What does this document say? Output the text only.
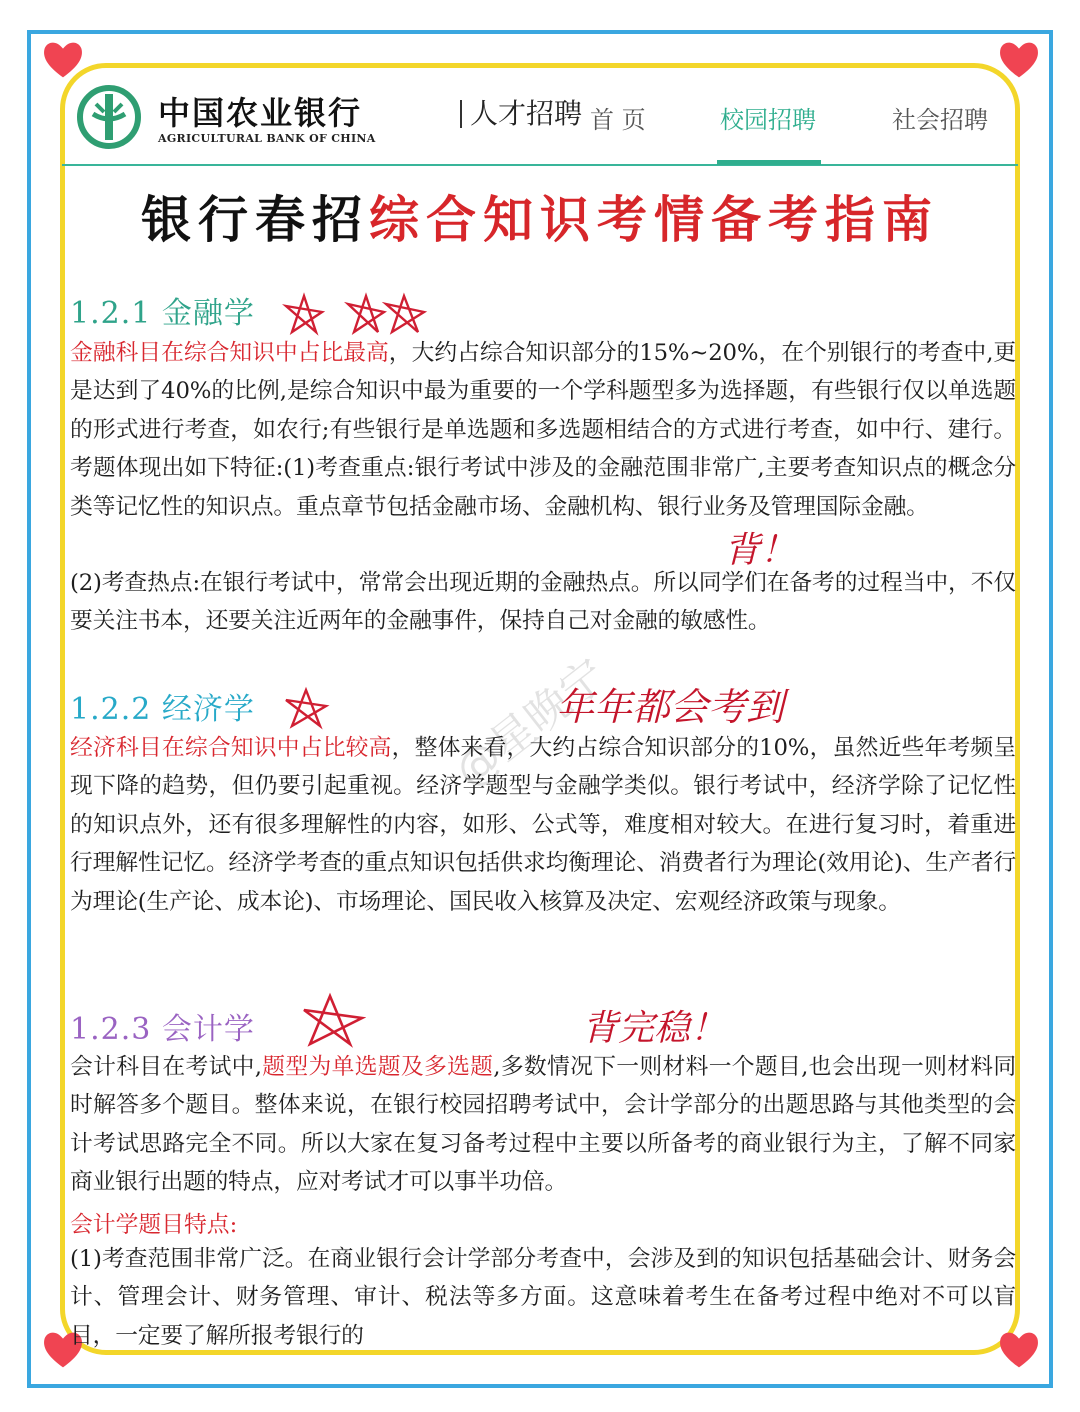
中国农业银行
AGRICULTURAL BANK OF CHINA
人才招聘 首 页	校园招聘	社会招聘
银行春招综合知识考情备考指南
1.2.1 金融学
金融科目在综合知识中占比最高，大约占综合知识部分的15%~20%，在个别银行的考查中,更是达到了40%的比例,是综合知识中最为重要的一个学科题型多为选择题，有些银行仅以单选题的形式进行考查，如农行;有些银行是单选题和多选题相结合的方式进行考查，如中行、建行。考题体现出如下特征:(1)考查重点:银行考试中涉及的金融范围非常广,主要考查知识点的概念分类等记忆性的知识点。重点章节包括金融市场、金融机构、银行业务及管理国际金融。
背！
(2)考查热点:在银行考试中，常常会出现近期的金融热点。所以同学们在备考的过程当中，不仅要关注书本，还要关注近两年的金融事件，保持自己对金融的敏感性。
@星晚宁
1.2.2 经济学	年年都会考到
经济科目在综合知识中占比较高，整体来看，大约占综合知识部分的10%，虽然近些年考频呈现下降的趋势，但仍要引起重视。经济学题型与金融学类似。银行考试中，经济学除了记忆性的知识点外，还有很多理解性的内容，如形、公式等，难度相对较大。在进行复习时，着重进行理解性记忆。经济学考查的重点知识包括供求均衡理论、消费者行为理论(效用论)、生产者行为理论(生产论、成本论)、市场理论、国民收入核算及决定、宏观经济政策与现象。
1.2.3 会计学	背完稳！
会计科目在考试中,题型为单选题及多选题,多数情况下一则材料一个题目,也会出现一则材料同时解答多个题目。整体来说，在银行校园招聘考试中，会计学部分的出题思路与其他类型的会计考试思路完全不同。所以大家在复习备考过程中主要以所备考的商业银行为主，了解不同家商业银行出题的特点，应对考试才可以事半功倍。
会计学题目特点:
(1)考查范围非常广泛。在商业银行会计学部分考查中，会涉及到的知识包括基础会计、财务会计、管理会计、财务管理、审计、税法等多方面。这意味着考生在备考过程中绝对不可以盲目，一定要了解所报考银行的
